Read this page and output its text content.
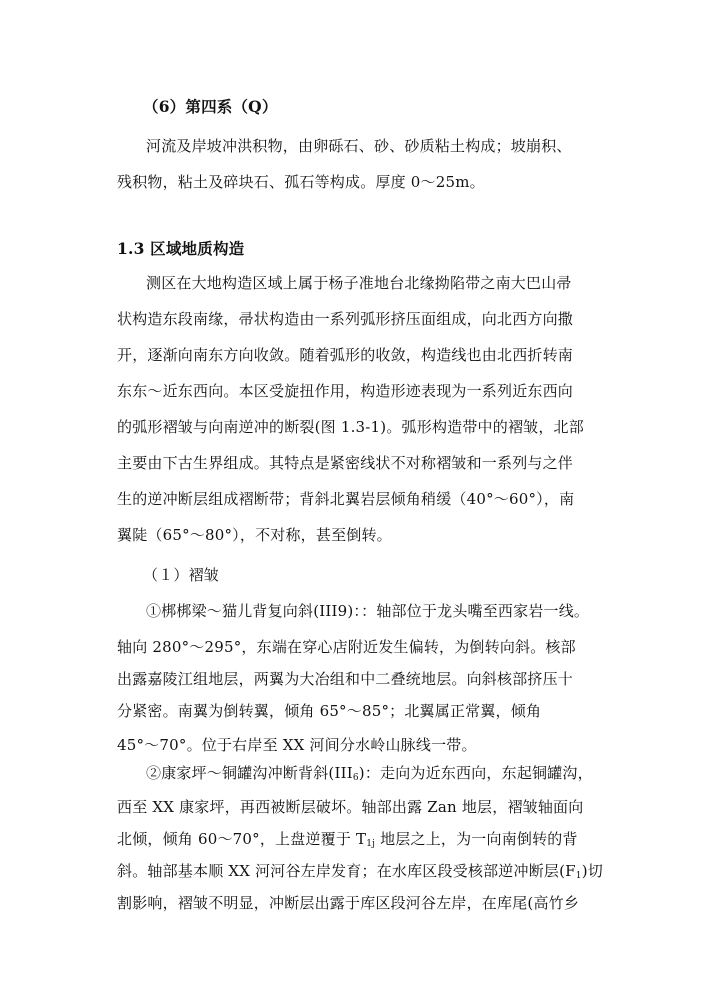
（6）第四系（Q）
河流及岸坡冲洪积物，由卵砾石、砂、砂质粘土构成；坡崩积、
残积物，粘土及碎块石、孤石等构成。厚度 0～25m。
1.3 区域地质构造
测区在大地构造区域上属于杨子准地台北缘拗陷带之南大巴山帚
状构造东段南缘，帚状构造由一系列弧形挤压面组成，向北西方向撒
开，逐渐向南东方向收敛。随着弧形的收敛，构造线也由北西折转南
东东～近东西向。本区受旋扭作用，构造形迹表现为一系列近东西向
的弧形褶皱与向南逆冲的断裂(图 1.3-1)。弧形构造带中的褶皱，北部
主要由下古生界组成。其特点是紧密线状不对称褶皱和一系列与之伴
生的逆冲断层组成褶断带；背斜北翼岩层倾角稍缓（40°～60°），南
翼陡（65°～80°），不对称，甚至倒转。
（１）褶皱
①梆梆梁～猫儿背复向斜(III9)：：轴部位于龙头嘴至西家岩一线。
轴向 280°～295°，东端在穿心店附近发生偏转，为倒转向斜。核部
出露嘉陵江组地层，两翼为大冶组和中二叠统地层。向斜核部挤压十
分紧密。南翼为倒转翼，倾角 65°～85°；北翼属正常翼，倾角
45°～70°。位于右岸至 XX 河间分水岭山脉线一带。
②康家坪～铜罐沟冲断背斜$(III_6)$：走向为近东西向，东起铜罐沟，
西至 XX 康家坪，再西被断层破坏。轴部出露 Zan 地层，褶皱轴面向
北倾，倾角 60～70°，上盘逆覆于 $T_{1j}$ 地层之上，为一向南倒转的背
斜。轴部基本顺 XX 河河谷左岸发育；在水库区段受核部逆冲断层$(F_1)$切
割影响，褶皱不明显，冲断层出露于库区段河谷左岸，在库尾(高竹乡
